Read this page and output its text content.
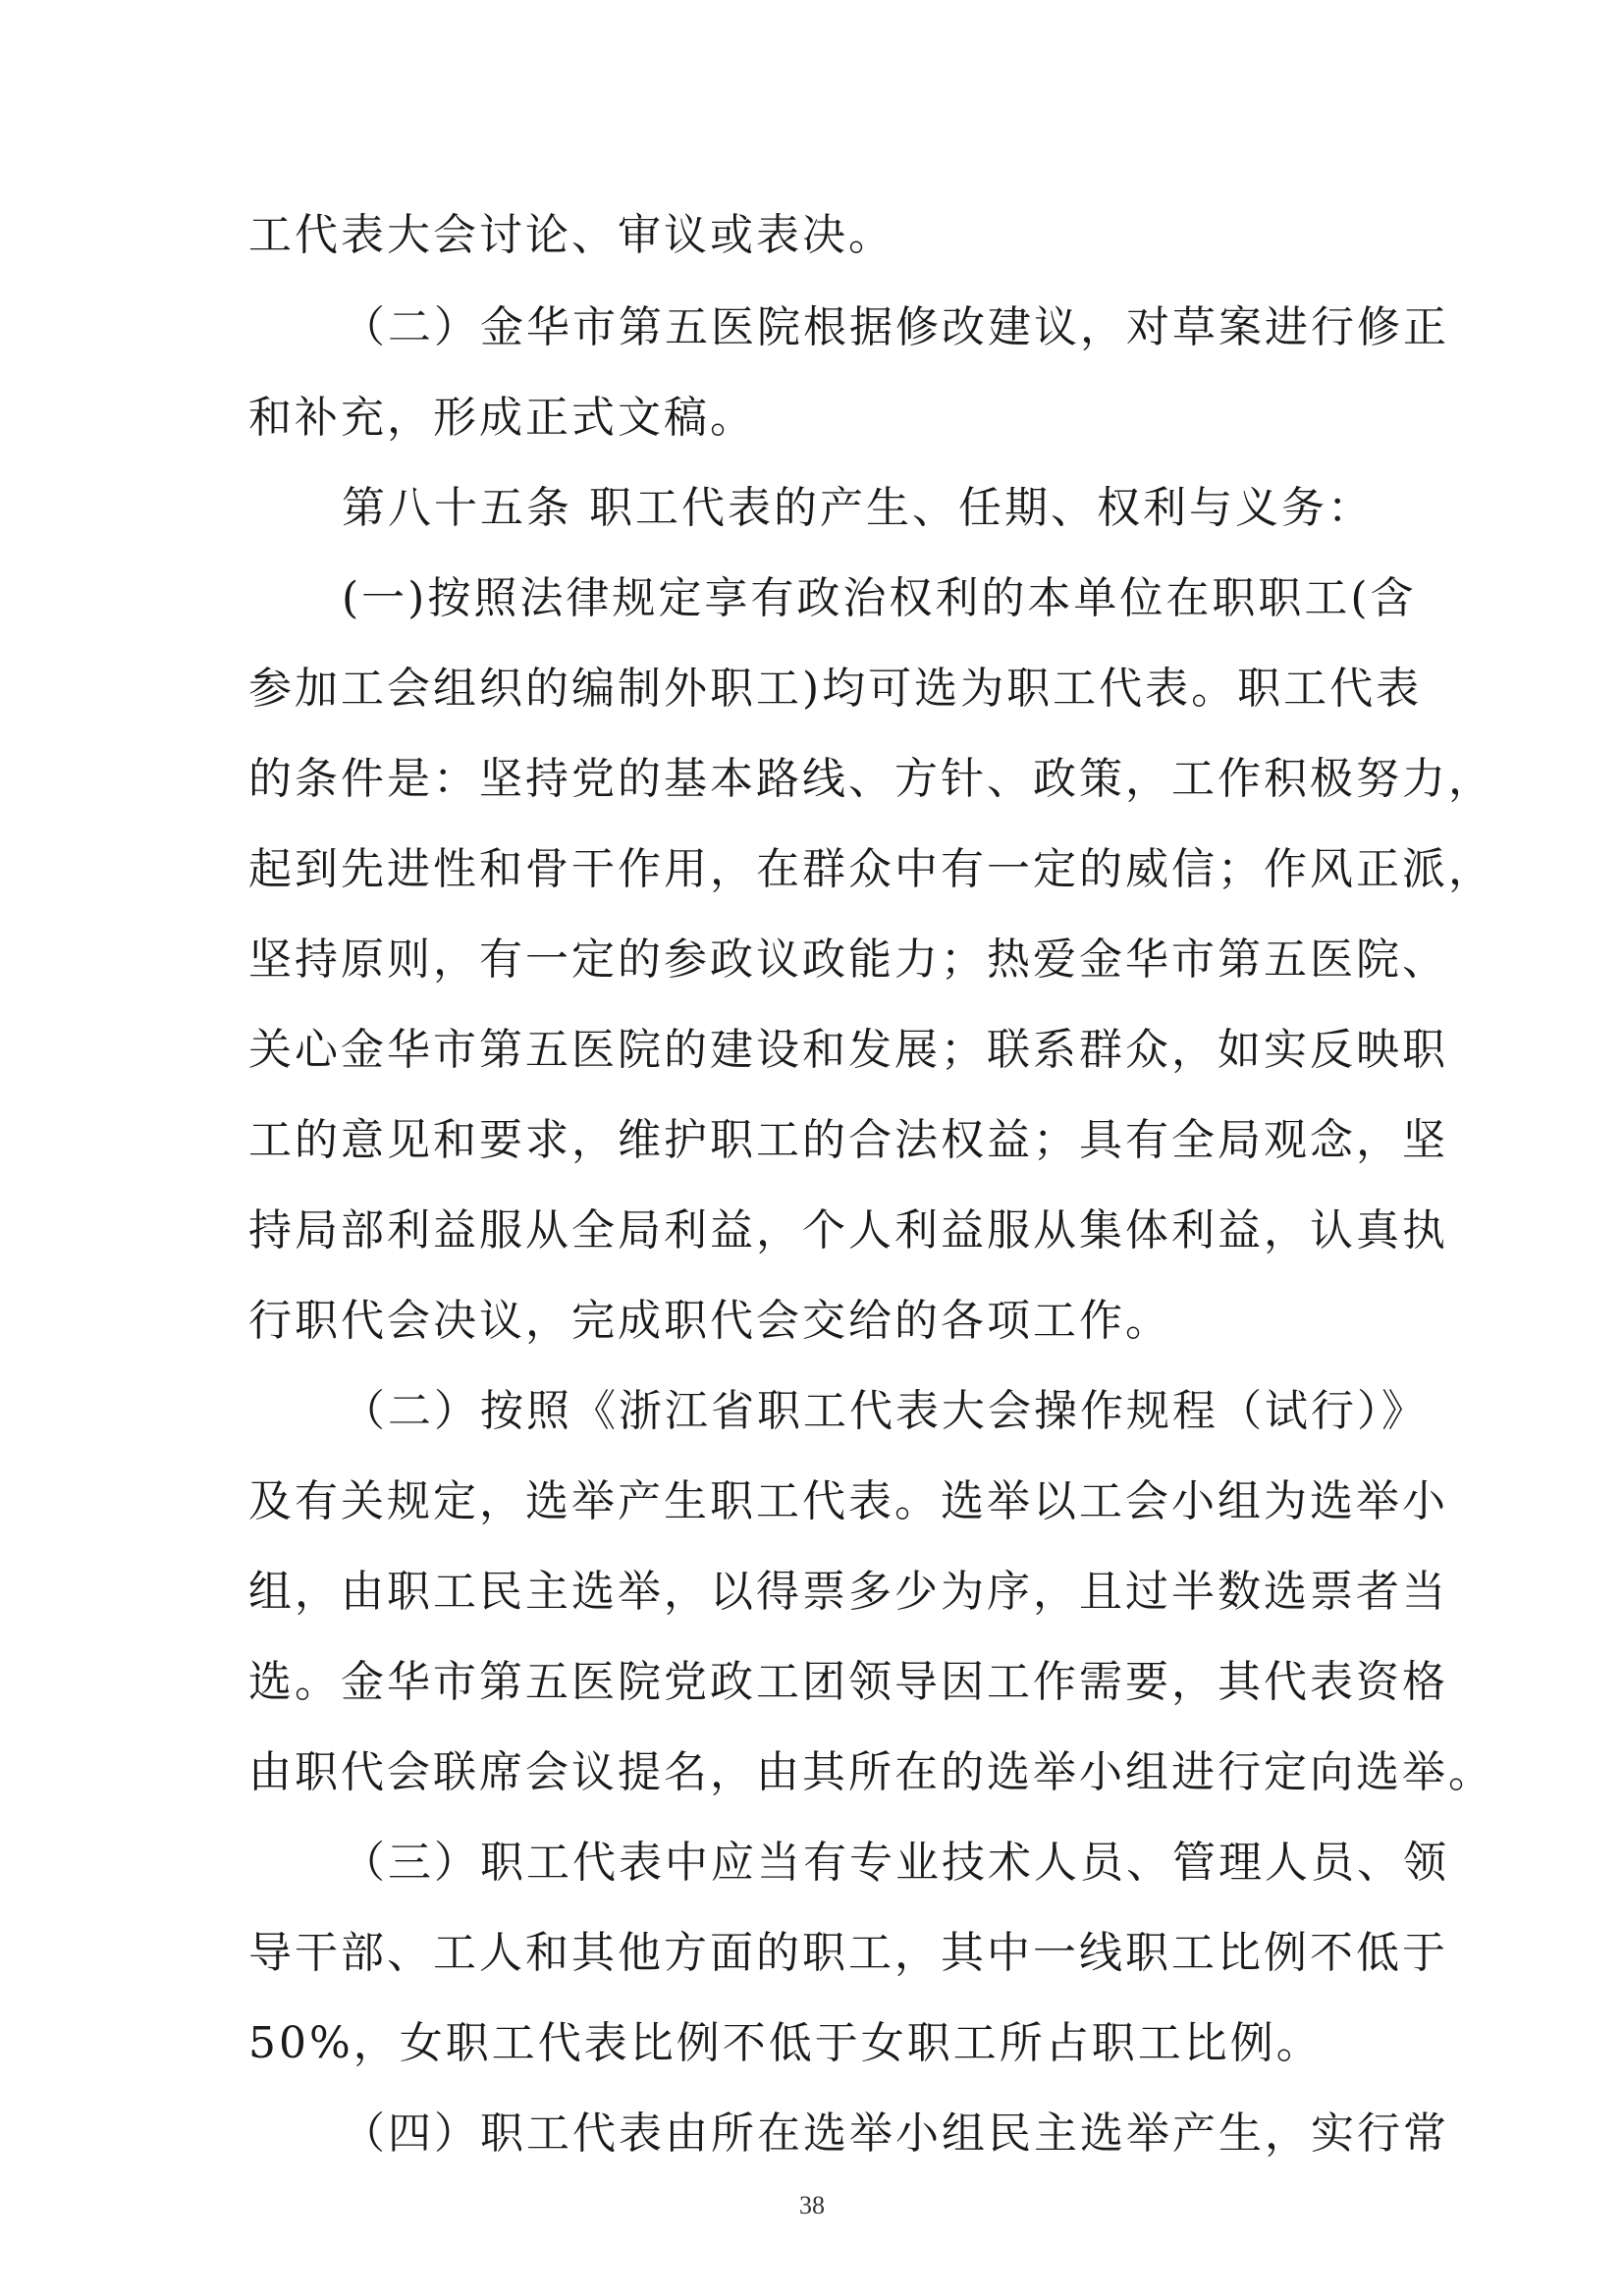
工代表大会讨论、审议或表决。
（二）金华市第五医院根据修改建议，对草案进行修正
和补充，形成正式文稿。
第八十五条 职工代表的产生、任期、权利与义务：
(一)按照法律规定享有政治权利的本单位在职职工(含
参加工会组织的编制外职工)均可选为职工代表。职工代表
的条件是：坚持党的基本路线、方针、政策，工作积极努力，
起到先进性和骨干作用，在群众中有一定的威信；作风正派，
坚持原则，有一定的参政议政能力；热爱金华市第五医院、
关心金华市第五医院的建设和发展；联系群众，如实反映职
工的意见和要求，维护职工的合法权益；具有全局观念，坚
持局部利益服从全局利益，个人利益服从集体利益，认真执
行职代会决议，完成职代会交给的各项工作。
（二）按照《浙江省职工代表大会操作规程（试行）》
及有关规定，选举产生职工代表。选举以工会小组为选举小
组，由职工民主选举，以得票多少为序，且过半数选票者当
选。金华市第五医院党政工团领导因工作需要，其代表资格
由职代会联席会议提名，由其所在的选举小组进行定向选举。
（三）职工代表中应当有专业技术人员、管理人员、领
导干部、工人和其他方面的职工，其中一线职工比例不低于
50%，女职工代表比例不低于女职工所占职工比例。
（四）职工代表由所在选举小组民主选举产生，实行常
38
